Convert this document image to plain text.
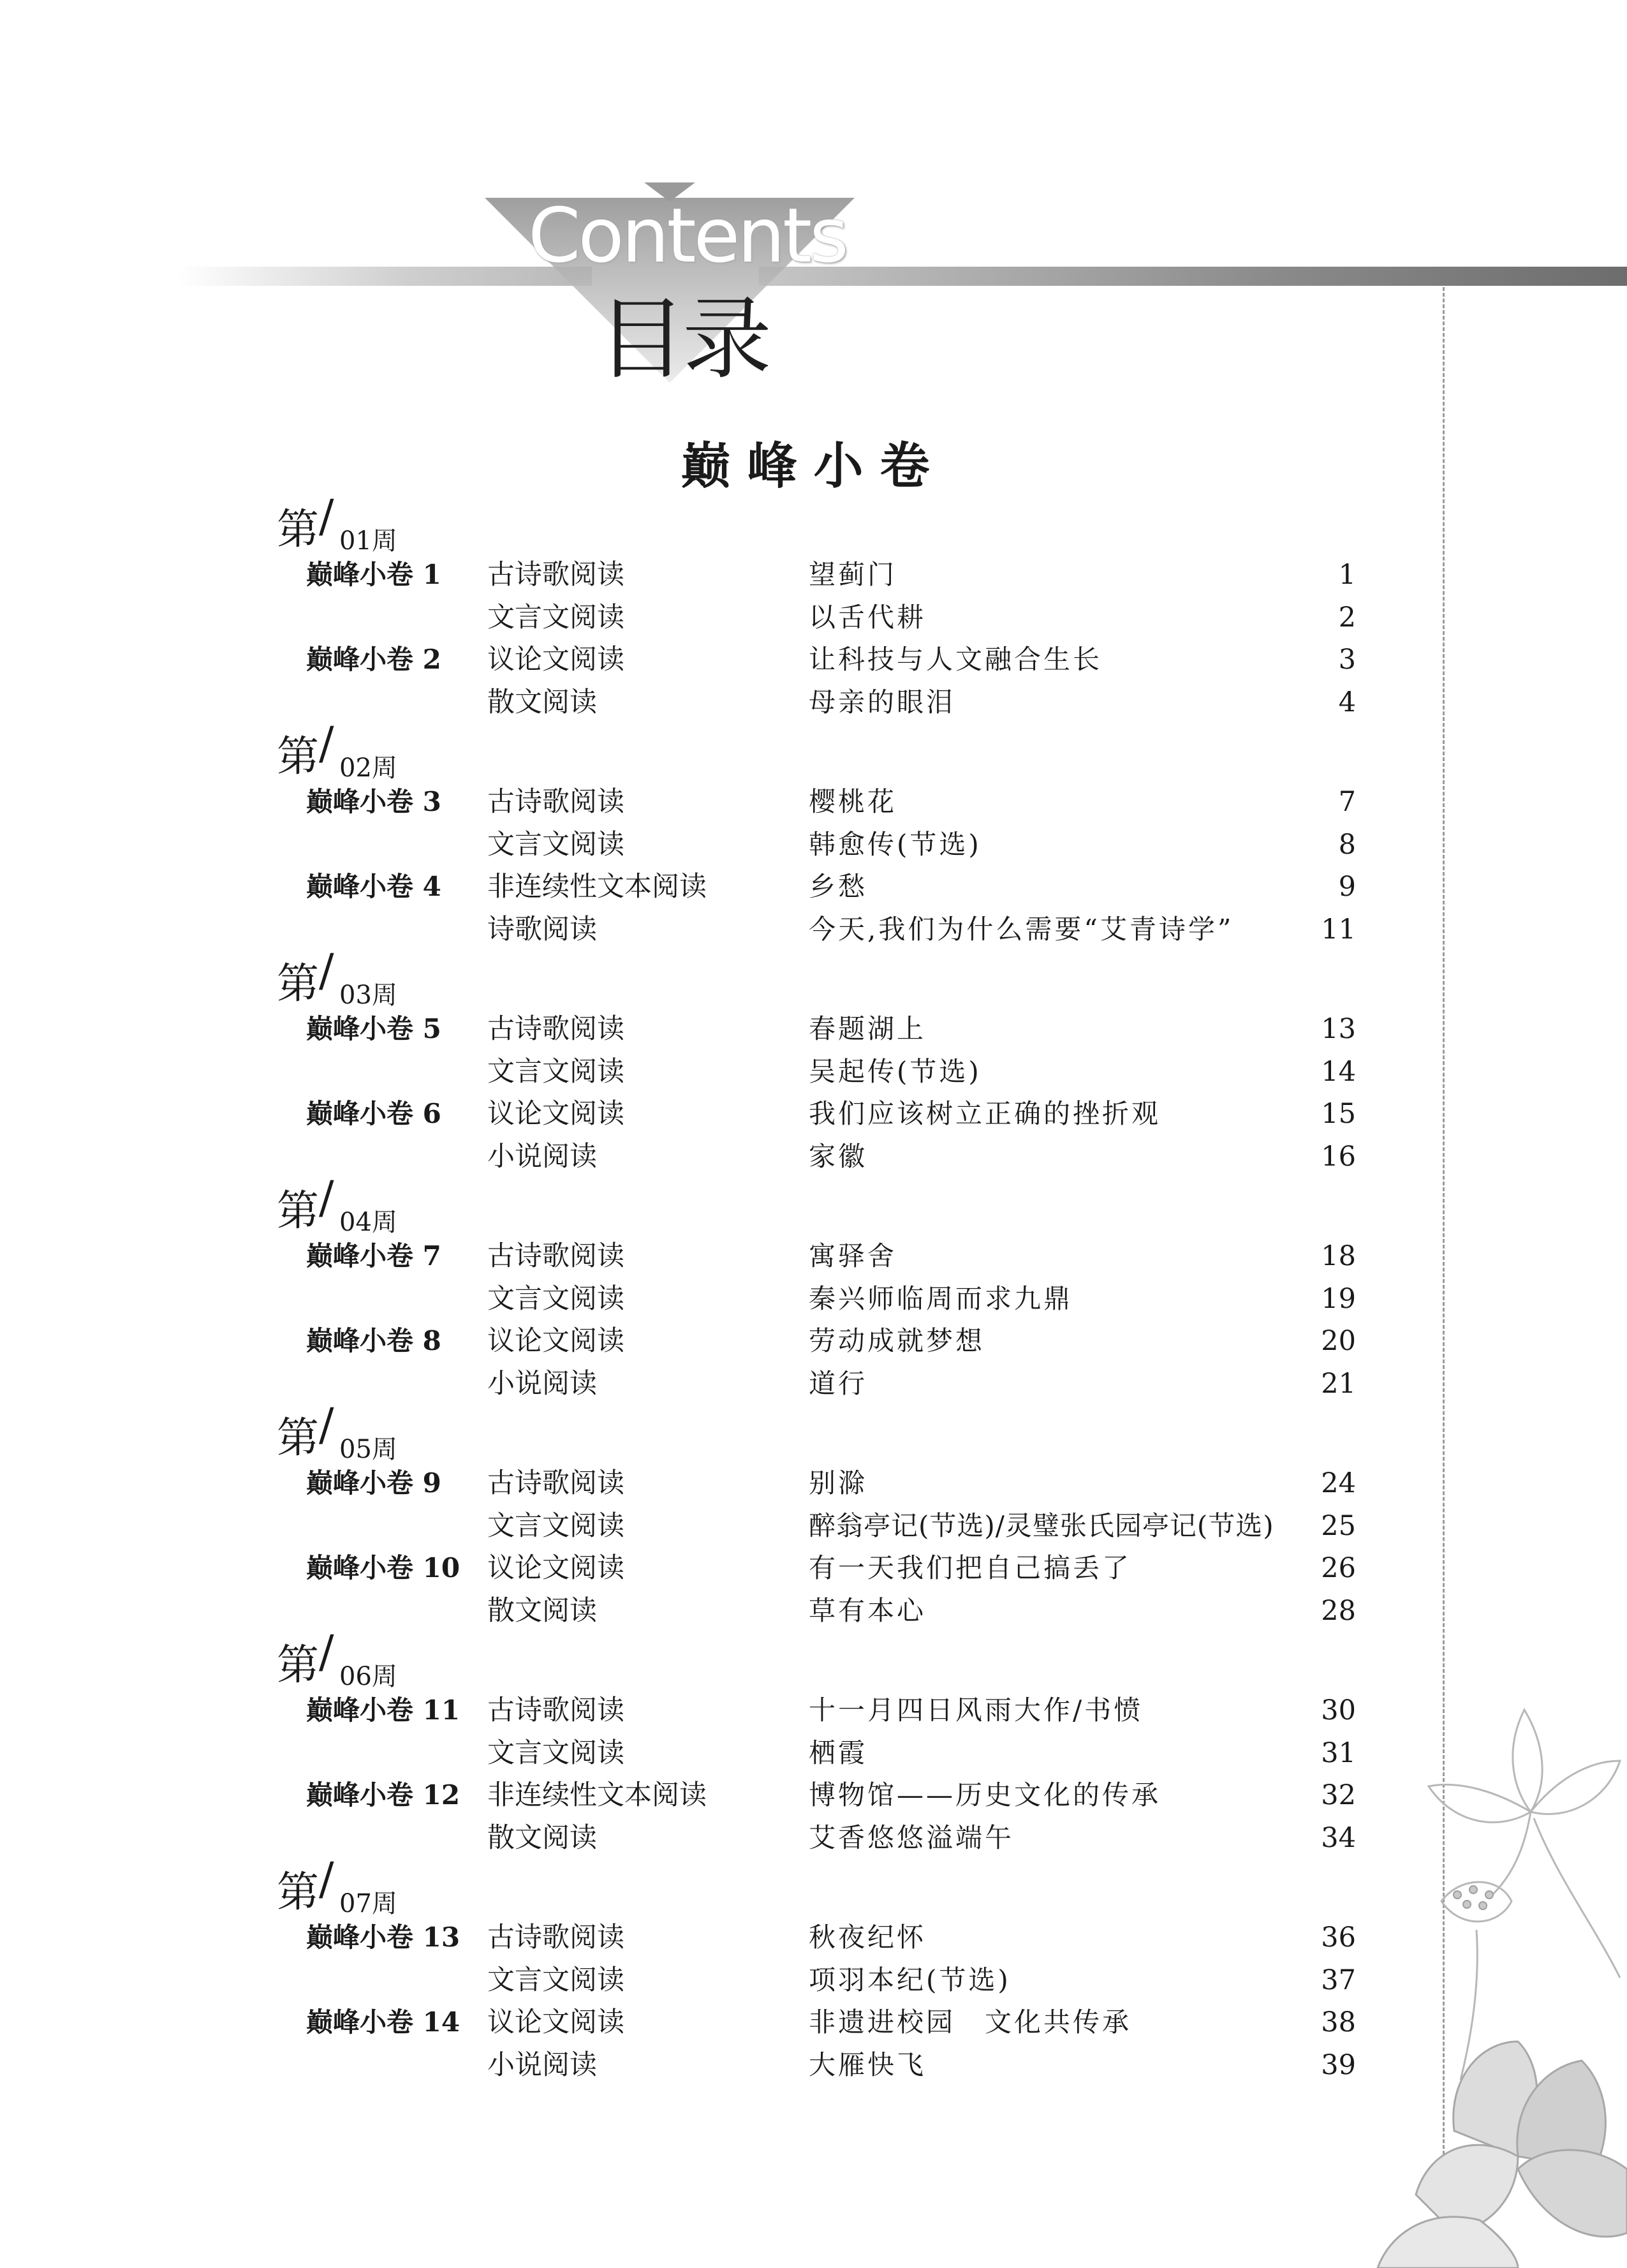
Contents
目录
巅峰小卷
第 / 01周
巅峰小卷 1 古诗歌阅读	望蓟门	1
文言文阅读	以舌代耕	2
巅峰小卷 2 议论文阅读	让科技与人文融合生长	3
散文阅读	母亲的眼泪	4
第 / 02周
巅峰小卷 3 古诗歌阅读	樱桃花	7
文言文阅读	韩愈传(节选)	8
巅峰小卷 4 非连续性文本阅读	乡愁	9
诗歌阅读	今天,我们为什么需要“艾青诗学”	11
第 / 03周
巅峰小卷 5 古诗歌阅读	春题湖上	13
文言文阅读	吴起传(节选)	14
巅峰小卷 6 议论文阅读	我们应该树立正确的挫折观	15
小说阅读	家徽	16
第 / 04周
巅峰小卷 7 古诗歌阅读	寓驿舍	18
文言文阅读	秦兴师临周而求九鼎	19
巅峰小卷 8 议论文阅读	劳动成就梦想	20
小说阅读	道行	21
第 / 05周
巅峰小卷 9 古诗歌阅读	别滁	24
文言文阅读	醉翁亭记(节选)/灵璧张氏园亭记(节选) 25
巅峰小卷 10 议论文阅读	有一天我们把自己搞丢了	26
散文阅读	草有本心	28
第 / 06周
巅峰小卷 11 古诗歌阅读	十一月四日风雨大作/书愤	30
文言文阅读	栖霞	31
巅峰小卷 12 非连续性文本阅读	博物馆——历史文化的传承	32
散文阅读	艾香悠悠溢端午	34
第 / 07周
巅峰小卷 13 古诗歌阅读	秋夜纪怀	36
文言文阅读	项羽本纪(节选)	37
巅峰小卷 14 议论文阅读	非遗进校园　文化共传承	38
小说阅读	大雁快飞	39
